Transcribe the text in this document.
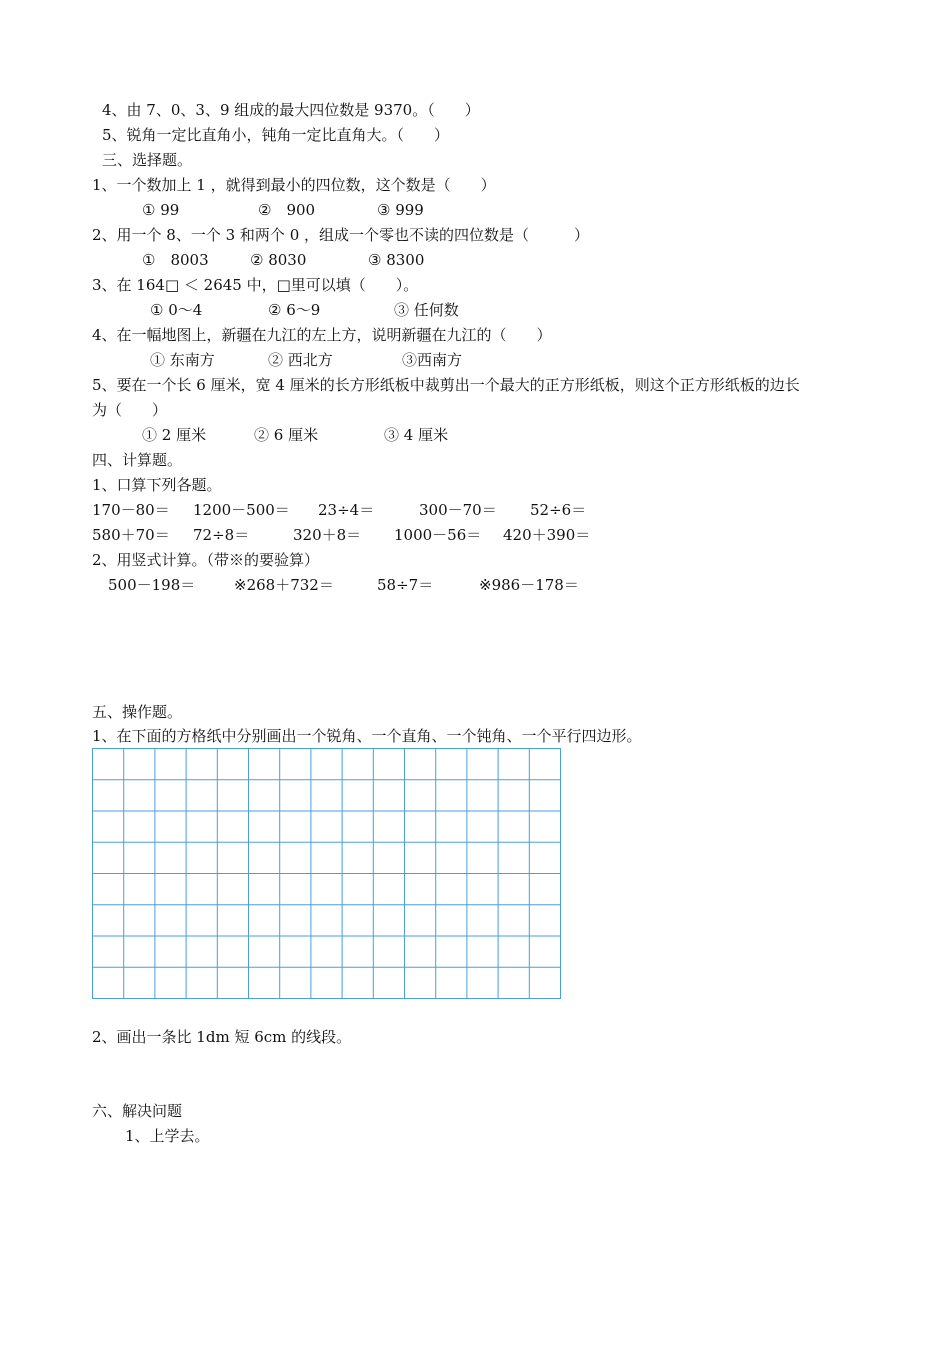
4、由 7、0、3、9 组成的最大四位数是 9370。（　　）
5、锐角一定比直角小，钝角一定比直角大。（　　）
三、选择题。
1、一个数加上 1 ，就得到最小的四位数，这个数是（　　）
① 99	②　900	③ 999
2、用一个 8、一个 3 和两个 0 ，组成一个零也不读的四位数是（　　　）
①　8003	② 8030	③ 8300
3、在 164□ ＜ 2645 中，□里可以填（　　）。
① 0～4	② 6～9	③ 任何数
4、在一幅地图上，新疆在九江的左上方，说明新疆在九江的（　　）
① 东南方	② 西北方	③西南方
5、要在一个长 6 厘米，宽 4 厘米的长方形纸板中裁剪出一个最大的正方形纸板，则这个正方形纸板的边长
为（　　）
① 2 厘米	② 6 厘米	③ 4 厘米
四、计算题。
1、口算下列各题。
170－80＝ 1200－500＝ 23÷4＝	300－70＝ 52÷6＝
580＋70＝ 72÷8＝	320＋8＝ 1000－56＝ 420＋390＝
2、用竖式计算。（带※的要验算）
500－198＝	※268＋732＝	58÷7＝	※986－178＝
五、操作题。
1、在下面的方格纸中分别画出一个锐角、一个直角、一个钝角、一个平行四边形。
2、画出一条比 1dm 短 6cm 的线段。
六、解决问题
1、上学去。
